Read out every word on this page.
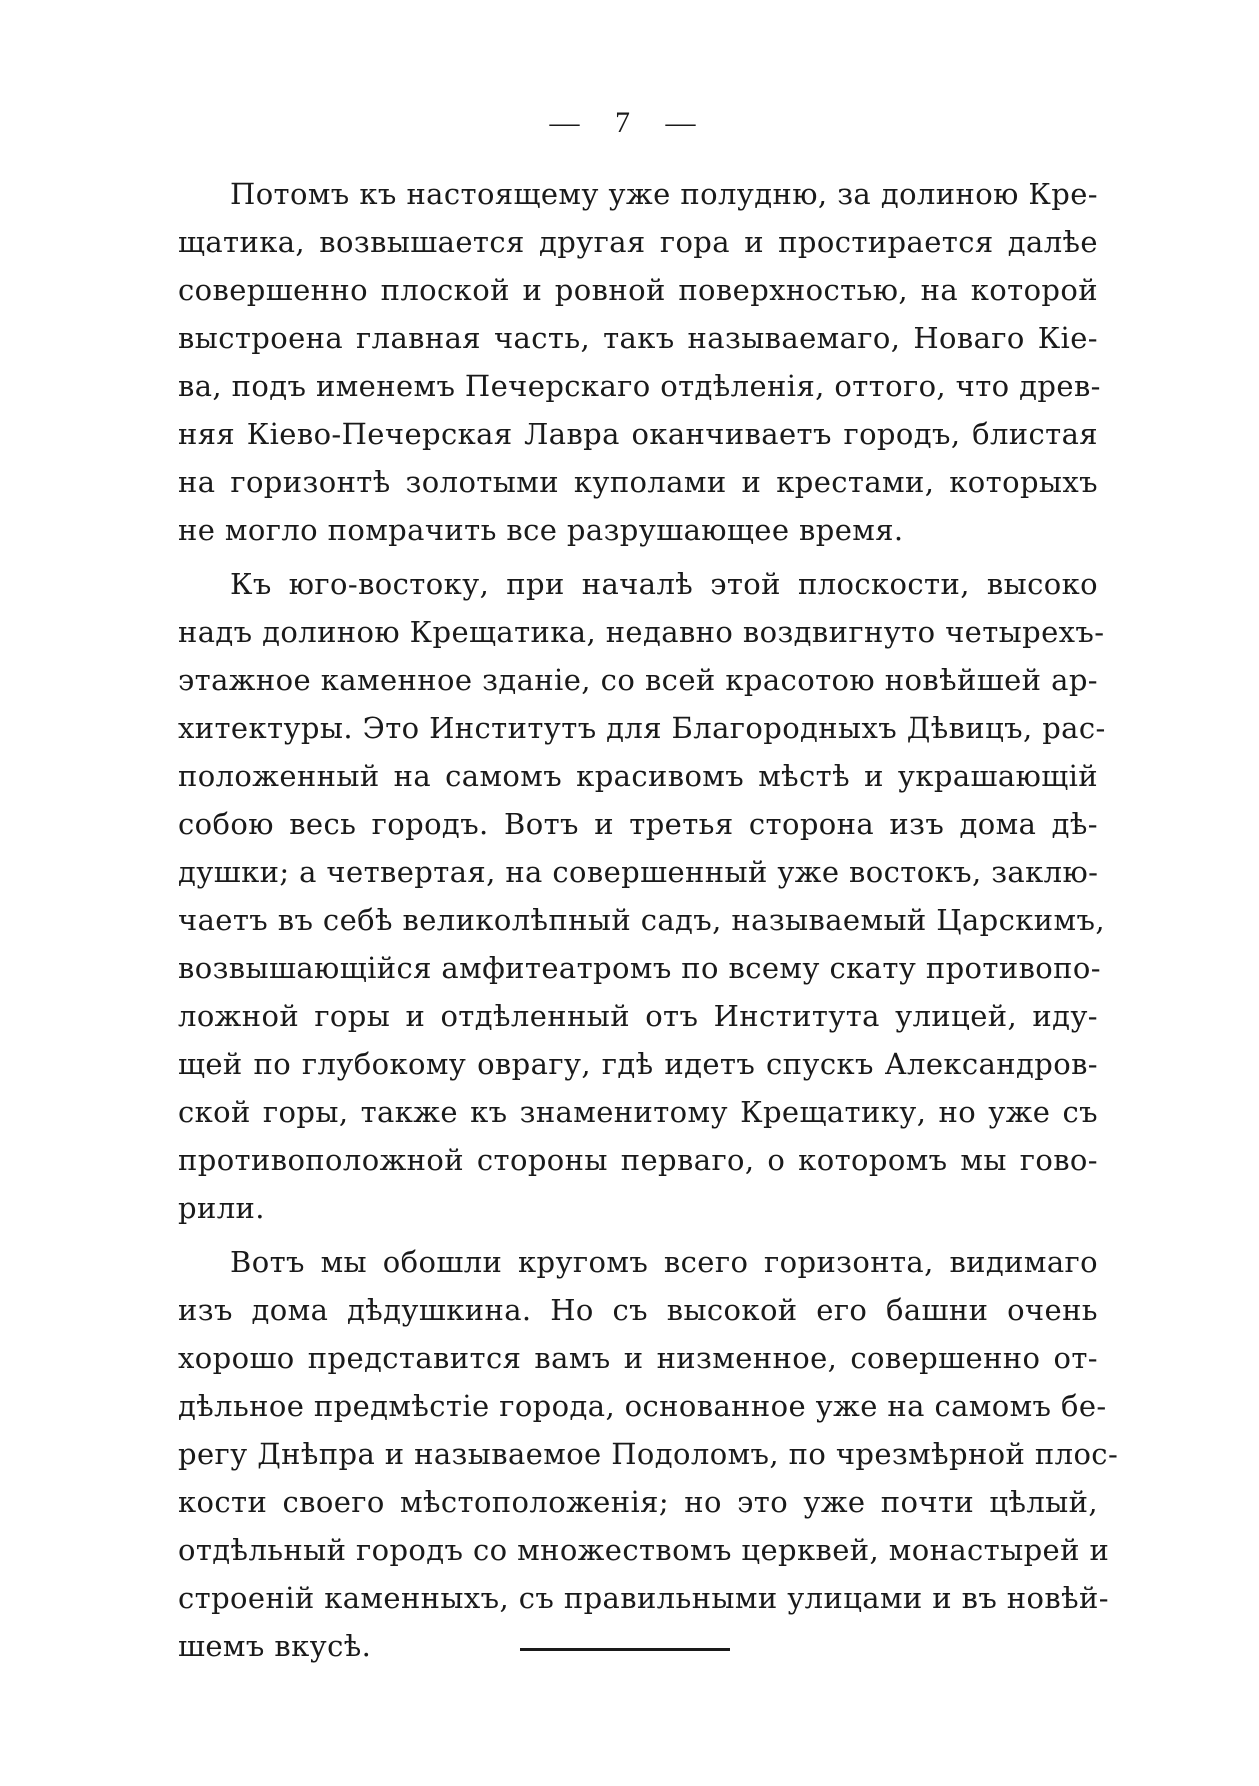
— 7 —
Потомъ къ настоящему уже полудню, за долиною Кре-
щатика, возвышается другая гора и простирается далѣе
совершенно плоской и ровной поверхностью, на которой
выстроена главная часть, такъ называемаго, Новаго Кіе-
ва, подъ именемъ Печерскаго отдѣленія, оттого, что древ-
няя Кіево-Печерская Лавра оканчиваетъ городъ, блистая
на горизонтѣ золотыми куполами и крестами, которыхъ
не могло помрачить все разрушающее время.
Къ юго-востоку, при началѣ этой плоскости, высоко
надъ долиною Крещатика, недавно воздвигнуто четырехъ-
этажное каменное зданіе, со всей красотою новѣйшей ар-
хитектуры. Это Институтъ для Благородныхъ Дѣвицъ, рас-
положенный на самомъ красивомъ мѣстѣ и украшающій
собою весь городъ. Вотъ и третья сторона изъ дома дѣ-
душки; а четвертая, на совершенный уже востокъ, заклю-
чаетъ въ себѣ великолѣпный садъ, называемый Царскимъ,
возвышающійся амфитеатромъ по всему скату противопо-
ложной горы и отдѣленный отъ Института улицей, иду-
щей по глубокому оврагу, гдѣ идетъ спускъ Александров-
ской горы, также къ знаменитому Крещатику, но уже съ
противоположной стороны перваго, о которомъ мы гово-
рили.
Вотъ мы обошли кругомъ всего горизонта, видимаго
изъ дома дѣдушкина. Но съ высокой его башни очень
хорошо представится вамъ и низменное, совершенно от-
дѣльное предмѣстіе города, основанное уже на самомъ бе-
регу Днѣпра и называемое Подоломъ, по чрезмѣрной плос-
кости своего мѣстоположенія; но это уже почти цѣлый,
отдѣльный городъ со множествомъ церквей, монастырей и
строеній каменныхъ, съ правильными улицами и въ новѣй-
шемъ вкусѣ.
